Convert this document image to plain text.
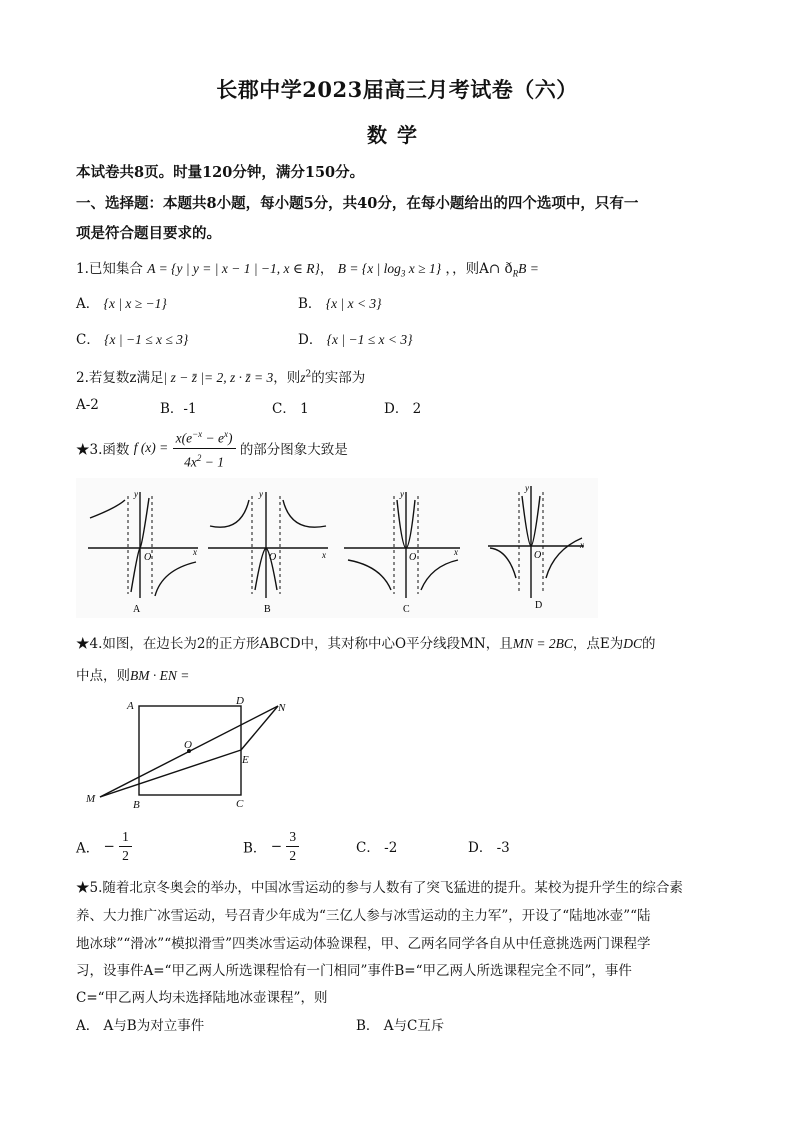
长郡中学2023届高三月考试卷（六）
数学
本试卷共8页。时量120分钟，满分150分。
一、选择题：本题共8小题，每小题5分，共40分，在每小题给出的四个选项中，只有一
项是符合题目要求的。
1.已知集合 A = {y | y = | x − 1 | −1, x ∈ R}， B = {x | $\log_3 x \ge 1$} ，，则A∩ $ð_RB$ =
A． {x | x ≥ −1}	B． {x | x < 3}
C． {x | −1 ≤ x ≤ 3}	D． {x | −1 ≤ x < 3}
2.若复数z满足| z − z̄ |= 2, z · z̄ = 3，则$z^2$的实部为
A-2	B．-1	C． 1	D． 2
★3.函数 f $(x) = \frac{x(e^{-x} - e^x)}{4x^2 - 1}$ 的部分图象大致是
x
y
O
A
x
y
O
B
x
y
O
C
x
y
O
D
★4.如图，在边长为2的正方形ABCD中，其对称中心O平分线段MN，且MN = 2BC，点E为DC的
中点，则BM · EN =
A	D
B	C
M
N
O
E
A． − $\frac{1}{2}$	B． − $\frac{3}{2}$	C． -2	D． -3
★5.随着北京冬奥会的举办，中国冰雪运动的参与人数有了突飞猛进的提升。某校为提升学生的综合素
养、大力推广冰雪运动，号召青少年成为“三亿人参与冰雪运动的主力军”，开设了“陆地冰壶”“陆
地冰球”“滑冰”“模拟滑雪”四类冰雪运动体验课程，甲、乙两名同学各自从中任意挑选两门课程学
习，设事件A=“甲乙两人所选课程恰有一门相同”事件B=“甲乙两人所选课程完全不同”，事件
C=“甲乙两人均未选择陆地冰壶课程”，则
A． A与B为对立事件	B． A与C互斥
